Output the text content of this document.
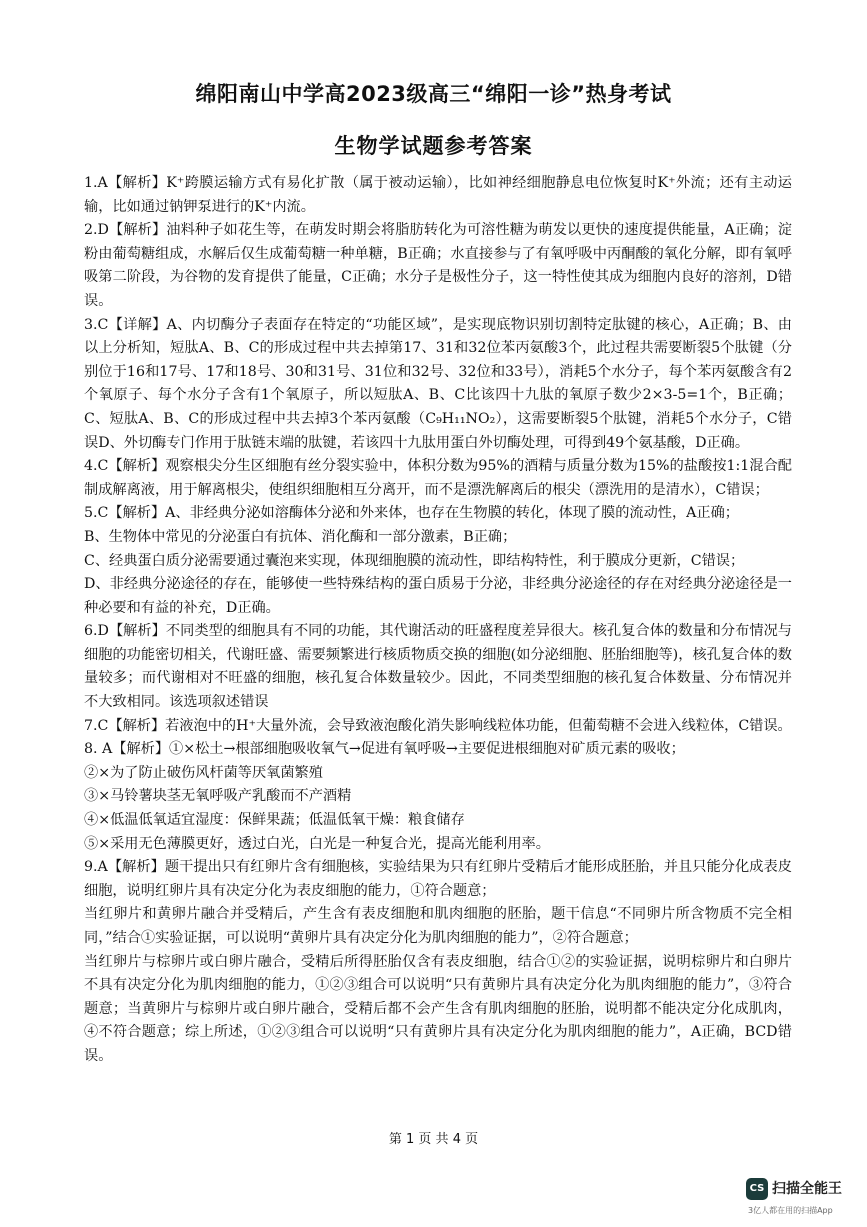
绵阳南山中学高2023级高三“绵阳一诊”热身考试
生物学试题参考答案

1.A【解析】K⁺跨膜运输方式有易化扩散（属于被动运输），比如神经细胞静息电位恢复时K⁺外流；还有主动运输，比如通过钠钾泵进行的K⁺内流。

2.D【解析】油料种子如花生等，在萌发时期会将脂肪转化为可溶性糖为萌发以更快的速度提供能量，A正确；淀粉由葡萄糖组成，水解后仅生成葡萄糖一种单糖，B正确；水直接参与了有氧呼吸中丙酮酸的氧化分解，即有氧呼吸第二阶段，为谷物的发育提供了能量，C正确；水分子是极性分子，这一特性使其成为细胞内良好的溶剂，D错误。

3.C【详解】A、内切酶分子表面存在特定的“功能区域”，是实现底物识别切割特定肽键的核心，A正确；B、由以上分析知，短肽A、B、C的形成过程中共去掉第17、31和32位苯丙氨酸3个，此过程共需要断裂5个肽键（分别位于16和17号、17和18号、30和31号、31位和32号、32位和33号），消耗5个水分子，每个苯丙氨酸含有2个氧原子、每个水分子含有1个氧原子，所以短肽A、B、C比该四十九肽的氧原子数少2×3-5=1个，B正确；C、短肽A、B、C的形成过程中共去掉3个苯丙氨酸（C₉H₁₁NO₂），这需要断裂5个肽键，消耗5个水分子，C错误D、外切酶专门作用于肽链末端的肽键，若该四十九肽用蛋白外切酶处理，可得到49个氨基酸，D正确。

4.C【解析】观察根尖分生区细胞有丝分裂实验中，体积分数为95%的酒精与质量分数为15%的盐酸按1:1混合配制成解离液，用于解离根尖，使组织细胞相互分离开，而不是漂洗解离后的根尖（漂洗用的是清水），C错误；

5.C【解析】A、非经典分泌如溶酶体分泌和外来体，也存在生物膜的转化，体现了膜的流动性，A正确；

B、生物体中常见的分泌蛋白有抗体、消化酶和一部分激素，B正确；

C、经典蛋白质分泌需要通过囊泡来实现，体现细胞膜的流动性，即结构特性，利于膜成分更新，C错误；

D、非经典分泌途径的存在，能够使一些特殊结构的蛋白质易于分泌，非经典分泌途径的存在对经典分泌途径是一种必要和有益的补充，D正确。

6.D【解析】不同类型的细胞具有不同的功能，其代谢活动的旺盛程度差异很大。核孔复合体的数量和分布情况与细胞的功能密切相关，代谢旺盛、需要频繁进行核质物质交换的细胞(如分泌细胞、胚胎细胞等)，核孔复合体的数量较多；而代谢相对不旺盛的细胞，核孔复合体数量较少。因此，不同类型细胞的核孔复合体数量、分布情况并不大致相同。该选项叙述错误

7.C【解析】若液泡中的H⁺大量外流，会导致液泡酸化消失影响线粒体功能，但葡萄糖不会进入线粒体，C错误。

8. A【解析】①×松土→根部细胞吸收氧气→促进有氧呼吸→主要促进根细胞对矿质元素的吸收；

②×为了防止破伤风杆菌等厌氧菌繁殖

③×马铃薯块茎无氧呼吸产乳酸而不产酒精

④×低温低氧适宜湿度：保鲜果蔬；低温低氧干燥：粮食储存

⑤×采用无色薄膜更好，透过白光，白光是一种复合光，提高光能利用率。

9.A【解析】题干提出只有红卵片含有细胞核，实验结果为只有红卵片受精后才能形成胚胎，并且只能分化成表皮细胞，说明红卵片具有决定分化为表皮细胞的能力，①符合题意；

当红卵片和黄卵片融合并受精后，产生含有表皮细胞和肌肉细胞的胚胎，题干信息“不同卵片所含物质不完全相同，”结合①实验证据，可以说明“黄卵片具有决定分化为肌肉细胞的能力”，②符合题意；

当红卵片与棕卵片或白卵片融合，受精后所得胚胎仅含有表皮细胞，结合①②的实验证据，说明棕卵片和白卵片不具有决定分化为肌肉细胞的能力，①②③组合可以说明“只有黄卵片具有决定分化为肌肉细胞的能力”，③符合题意；当黄卵片与棕卵片或白卵片融合，受精后都不会产生含有肌肉细胞的胚胎，说明都不能决定分化成肌肉，④不符合题意；综上所述，①②③组合可以说明“只有黄卵片具有决定分化为肌肉细胞的能力”，A正确，BCD错误。

第 1 页 共 4 页
CS 扫描全能王
3亿人都在用的扫描App
